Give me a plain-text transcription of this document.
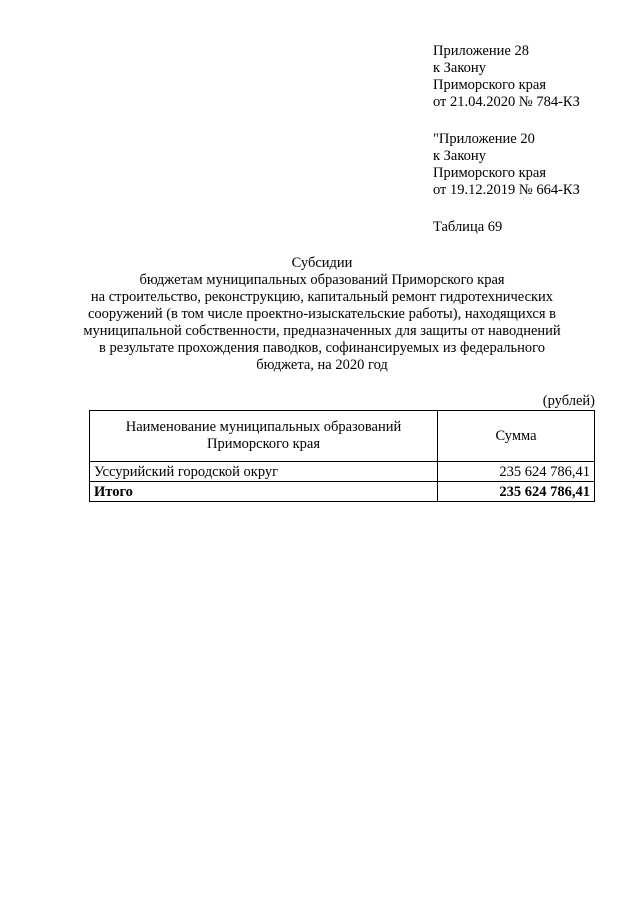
Приложение 28
к Закону
Приморского края
от 21.04.2020 № 784-КЗ
"Приложение 20
к Закону
Приморского края
от 19.12.2019 № 664-КЗ
Таблица 69
Субсидии
бюджетам муниципальных образований Приморского края
на строительство, реконструкцию, капитальный ремонт гидротехнических
сооружений (в том числе проектно-изыскательские работы), находящихся в
муниципальной собственности, предназначенных для защиты от наводнений
в результате прохождения паводков, софинансируемых из федерального
бюджета, на 2020 год
(рублей)
Наименование муниципальных образований
Приморского края	Сумма
Уссурийский городской округ	235 624 786,41
Итого	235 624 786,41
